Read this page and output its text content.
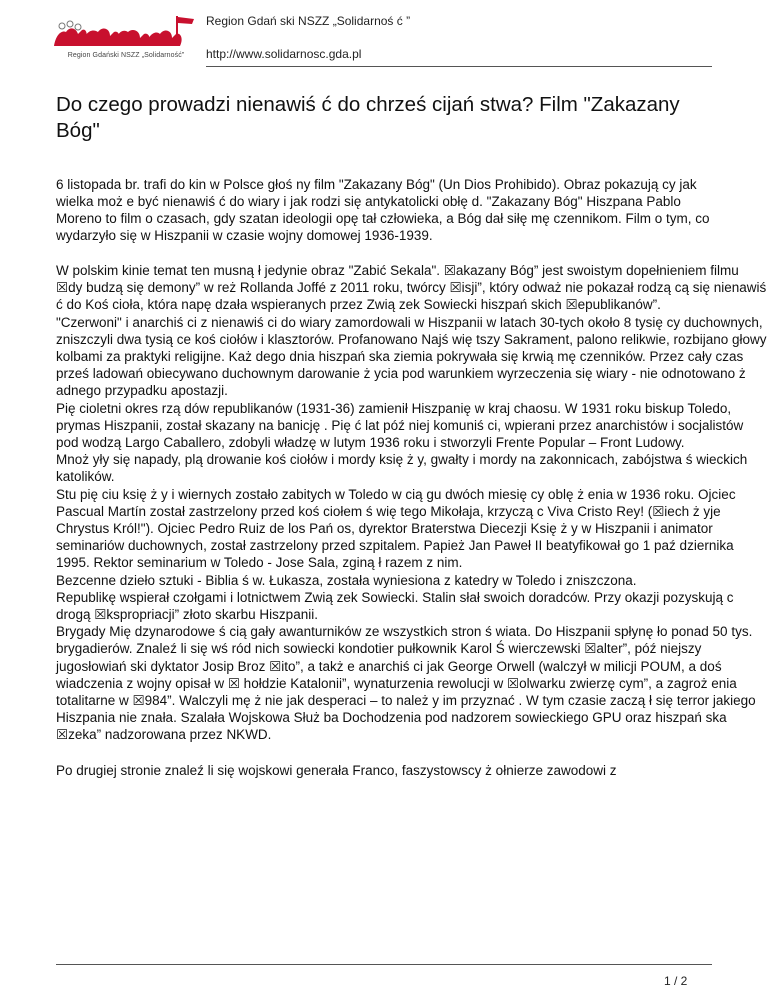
Region Gdański NSZZ „Solidarność”
Region Gdań ski NSZZ „Solidarnoś ć ”
http://www.solidarnosc.gda.pl
Do czego prowadzi nienawiś ć do chrześ cijań stwa? Film "Zakazany Bóg"
6 listopada br. trafi do kin w Polsce głoś ny film "Zakazany Bóg" (Un Dios Prohibido). Obraz pokazują cy jak wielka moż e być nienawiś ć do wiary i jak rodzi się antykatolicki obłę d. "Zakazany Bóg" Hiszpana Pablo Moreno to film o czasach, gdy szatan ideologii opę tał człowieka, a Bóg dał siłę mę czennikom. Film o tym, co wydarzyło się w Hiszpanii w czasie wojny domowej 1936-1939.

W polskim kinie temat ten musną ł jedynie obraz "Zabić Sekala". ☒akazany Bóg” jest swoistym dopełnieniem filmu ☒dy budzą się demony” w reż Rollanda Joffé z 2011 roku, twórcy ☒isji”, który odważ nie pokazał rodzą cą się nienawiś ć do Koś cioła, która napę dzała wspieranych przez Zwią zek Sowiecki hiszpań skich ☒epublikanów”.

"Czerwoni" i anarchiś ci z nienawiś ci do wiary zamordowali w Hiszpanii w latach 30-tych około 8 tysię cy duchownych, zniszczyli dwa tysią ce koś ciołów i klasztorów. Profanowano Najś wię tszy Sakrament, palono relikwie, rozbijano głowy kolbami za praktyki religijne. Każ dego dnia hiszpań ska ziemia pokrywała się krwią mę czenników. Przez cały czas prześ ladowań obiecywano duchownym darowanie ż ycia pod warunkiem wyrzeczenia się wiary - nie odnotowano ż adnego przypadku apostazji.

Pię cioletni okres rzą dów republikanów (1931-36) zamienił Hiszpanię w kraj chaosu. W 1931 roku biskup Toledo, prymas Hiszpanii, został skazany na banicję . Pię ć lat póź niej komuniś ci, wpierani przez anarchistów i socjalistów pod wodzą Largo Caballero, zdobyli władzę w lutym 1936 roku i stworzyli Frente Popular – Front Ludowy.

Mnoż yły się napady, plą drowanie koś ciołów i mordy księ ż y, gwałty i mordy na zakonnicach, zabójstwa ś wieckich katolików.

Stu pię ciu księ ż y i wiernych zostało zabitych w Toledo w cią gu dwóch miesię cy oblę ż enia w 1936 roku. Ojciec Pascual Martín został zastrzelony przed koś ciołem ś wię tego Mikołaja, krzyczą c Viva Cristo Rey! (☒iech ż yje Chrystus Król!"). Ojciec Pedro Ruiz de los Pań os, dyrektor Braterstwa Diecezji Księ ż y w Hiszpanii i animator seminariów duchownych, został zastrzelony przed szpitalem. Papież Jan Paweł II beatyfikował go 1 paź dziernika 1995. Rektor seminarium w Toledo - Jose Sala, zginą ł razem z nim.

Bezcenne dzieło sztuki - Biblia ś w. Łukasza, została wyniesiona z katedry w Toledo i zniszczona.

Republikę wspierał czołgami i lotnictwem Zwią zek Sowiecki. Stalin słał swoich doradców. Przy okazji pozyskują c drogą ☒kspropriacji” złoto skarbu Hiszpanii.

Brygady Mię dzynarodowe ś cią gały awanturników ze wszystkich stron ś wiata. Do Hiszpanii spłynę ło ponad 50 tys. brygadierów. Znaleź li się wś ród nich sowiecki kondotier pułkownik Karol Ś wierczewski ☒alter”, póź niejszy jugosłowiań ski dyktator Josip Broz ☒ito”, a takż e anarchiś ci jak George Orwell (walczył w milicji POUM, a doś wiadczenia z wojny opisał w ☒ hołdzie Katalonii”, wynaturzenia rewolucji w ☒olwarku zwierzę cym”, a zagroż enia totalitarne w ☒984”. Walczyli mę ż nie jak desperaci – to należ y im przyznać . W tym czasie zaczą ł się terror jakiego Hiszpania nie znała. Szalała Wojskowa Służ ba Dochodzenia pod nadzorem sowieckiego GPU oraz hiszpań ska ☒zeka” nadzorowana przez NKWD.

Po drugiej stronie znaleź li się wojskowi generała Franco, faszystowscy ż ołnierze zawodowi z
1 / 2
